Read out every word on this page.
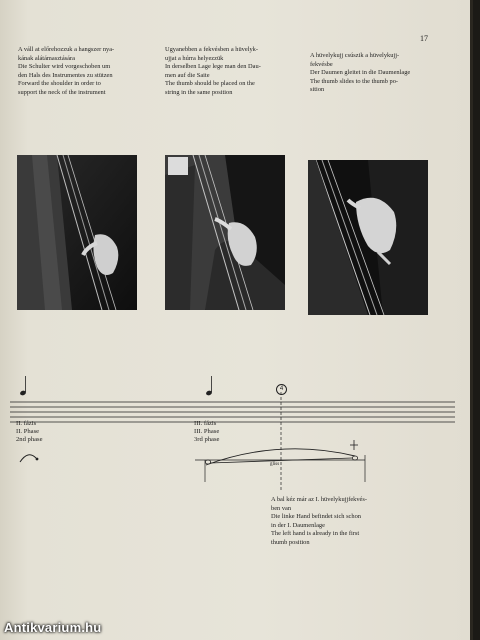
17
A váll at előrehozzuk a hangszer nya-
kának alátámasztására
Die Schulter wird vorgeschoben um
den Hals des Instrumentes zu stützen
Forward the shoulder in order to
support the neck of the instrument
Ugyanebben a fekvésben a hüvelyk-
ujjat a húrra helyezzük
In derselben Lage lege man den Dau-
men auf die Saite
The thumb should be placed on the
string in the same position
A hüvelykujj csúszik a hüvelykujj-
fekvésbe
Der Daumen gleitet in die Daumenlage
The thumb slides to the thumb po-
sition
4
gliss
II. fázis
II. Phase
2nd phase
III. fázis
III. Phase
3rd phase
A bal kéz már az I. hüvelykujjfekvés-
ben van
Die linke Hand befindet sich schon
in der I. Daumenlage
The left hand is already in the first
thumb position
Antikvarium.hu
